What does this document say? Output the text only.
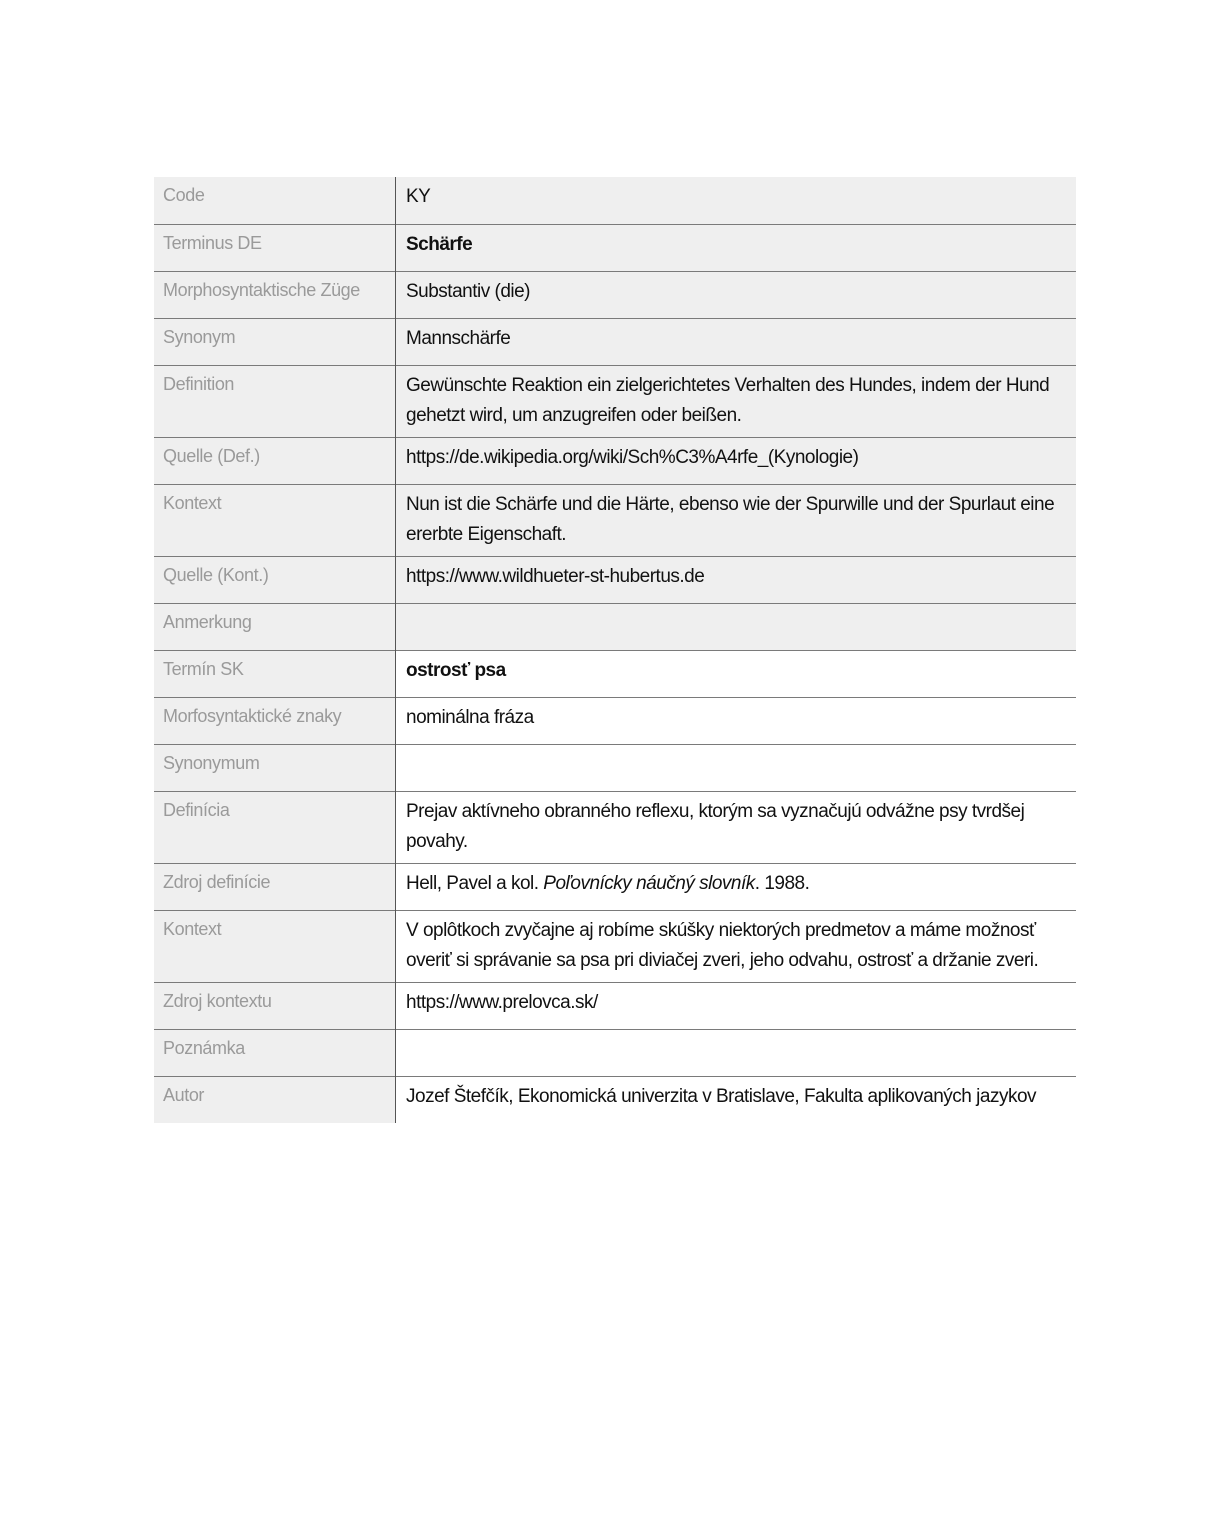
Code	KY
Terminus DE	Schärfe
Morphosyntaktische Züge	Substantiv (die)
Synonym	Mannschärfe
Definition	Gewünschte Reaktion ein zielgerichtetes Verhalten des Hundes, indem der Hund gehetzt wird, um anzugreifen oder beißen.
Quelle (Def.)	https://de.wikipedia.org/wiki/Sch%C3%A4rfe_(Kynologie)
Kontext	Nun ist die Schärfe und die Härte, ebenso wie der Spurwille und der Spurlaut eine ererbte Eigenschaft.
Quelle (Kont.)	https://www.wildhueter-st-hubertus.de
Anmerkung	
Termín SK	ostrosť psa
Morfosyntaktické znaky	nominálna fráza
Synonymum	
Definícia	Prejav aktívneho obranného reflexu, ktorým sa vyznačujú odvážne psy tvrdšej povahy.
Zdroj definície	Hell, Pavel a kol. Poľovnícky náučný slovník. 1988.
Kontext	V oplôtkoch zvyčajne aj robíme skúšky niektorých predmetov a máme možnosť overiť si správanie sa psa pri diviačej zveri, jeho odvahu, ostrosť a držanie zveri.
Zdroj kontextu	https://www.prelovca.sk/
Poznámka	
Autor	Jozef Štefčík, Ekonomická univerzita v Bratislave, Fakulta aplikovaných jazykov
